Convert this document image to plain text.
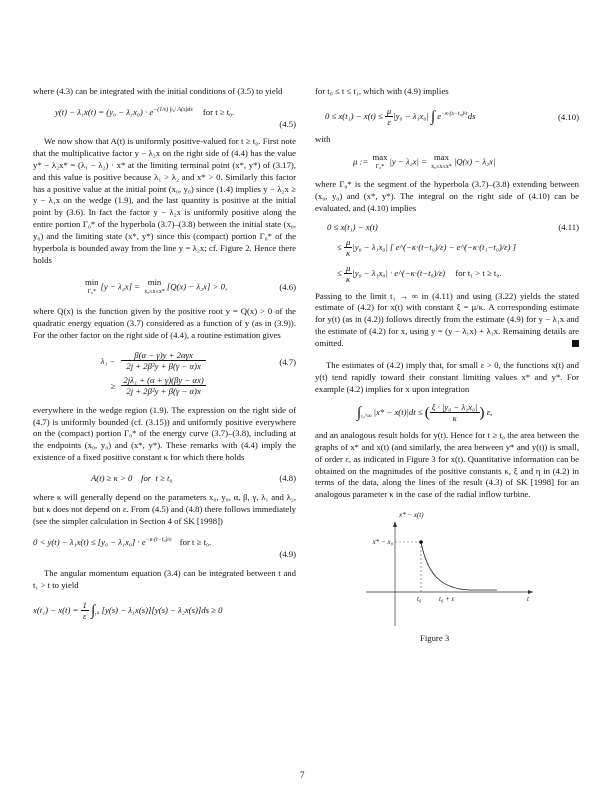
where (4.3) can be integrated with the initial conditions of (3.5) to yield

$y(t) - \lambda_1x(t) = (y_0 - \lambda_1x_0) \cdot e^{-(1/\varepsilon) \int_{t0}ᵗ A(s)ds}$ for t ≥ t₀.
(4.5)

We now show that A(t) is uniformly positive-valued for t ≥ t₀. First note that the multiplicative factor y − λ₂x on the right side of (4.4) has the value y* − λ₂x* = (λ₁ − λ₂) · x* at the limiting terminal point (x*, y*) of (3.17), and this value is positive because λ₁ > λ₂ and x* > 0. Similarly this factor has a positive value at the initial point (x₀, y₀) since (1.4) implies y − λ₂x ≥ y − λ₁x on the wedge (1.9), and the last quantity is positive at the initial point by (3.6). In fact the factor y − λ₂x is uniformly positive along the entire portion Γ₀* of the hyperbola (3.7)–(3.8) between the initial state (x₀, y₀) and the limiting state (x*, y*) since this (compact) portion Γ₀* of the hyperbola is bounded away from the line y = λ₂x; cf. Figure 2. Hence there holds

min
Γ₀*
[y − λ₂x] = min
x₀≤x≤x*
[Q(x) − λ₂x] > 0,	(4.6)

where Q(x) is the function given by the positive root y = Q(x) > 0 of the quadratic energy equation (3.7) considered as a function of y (as in (3.9)). For the other factor on the right side of (4.4), a routine estimation gives

$\lambda_1 - \frac{\text{β(α − γ)y + 2αγx}}{\text{2j + 2β²y + β(γ − α)x}}$
≥ $\frac{\text{2jλ₁ + (α + γ)(βy − αx)}}{\text{2j + 2β²y + β(γ − α)x}}$
(4.7)

everywhere in the wedge region (1.9). The expression on the right side of (4.7) is uniformly bounded (cf. (3.15)) and uniformly positive everywhere on the (compact) portion Γ₀* of the energy curve (3.7)–(3.8), including at the endpoints (x₀, y₀) and (x*, y*). These remarks with (4.4) imply the existence of a fixed positive constant κ for which there holds

A(t) ≥ κ > 0    for  t ≥ t₀	(4.8)

where κ will generally depend on the parameters x₀, y₀, α, β, γ, λ₁ and λ₂, but κ does not depend on ε. From (4.5) and (4.8) there follows immediately (see the simpler calculation in Section 4 of SK [1998])

$0 < y(t) - \lambda_1x(t) \le [y_0 - \lambda_1x_0] \cdot e^{-\kappa\cdot(t-t_0)/\varepsilon}$ for t ≥ t₀.
(4.9)

The angular momentum equation (3.4) can be integrated between t and t₁ > t to yield

$x(t_1) - x(t) = \frac{1}{\varepsilon} \int_{_tᵗ^1}$ [y(s) − λ₁x(s)][y(s) − λ₂x(s)]ds ≥ 0

for t₀ ≤ t ≤ t₁, which with (4.9) implies

$0 \le x(t_1) - x(t) \le \frac{\mu}{\varepsilon} |y_0 - \lambda_1x_0|$ ∫ $e^{-\kappa\cdot(s-t_0)/\varepsilon}ds$	(4.10)

with

μ := max
Γ₀*
|y − λ₂x| = max
x₀≤x≤x*
|Q(x) − λ₂x|

where Γ₀* is the segment of the hyperbola (3.7)–(3.8) extending between (x₀, y₀) and (x*, y*). The integral on the right side of (4.10) can be evaluated, and (4.10) implies

0 ≤ x(t₁) − x(t)	(4.11)
≤ $\frac{\mu}{\kappa} |y_0 - \lambda_1x_0|$ [ e^(−κ·(t−t₀)/ε) − e^(−κ·(t₁−t₀)/ε) ]
≤ $\frac{\mu}{\kappa} |y_0 - \lambda_1x_0|$ · e^(−κ·(t−t₀)/ε) for t₁ > t ≥ t₀.

Passing to the limit t₁ → ∞ in (4.11) and using (3.22) yields the stated estimate of (4.2) for x(t) with constant ξ = μ/κ. A corresponding estimate for y(t) (as in (4.2)) follows directly from the estimate (4.9) for y − λ₁x and the estimate of (4.2) for x, using y = (y − λ₁x) + λ₁x. Remaining details are omitted.

The estimates of (4.2) imply that, for small ε > 0, the functions x(t) and y(t) tend rapidly toward their constant limiting values x* and y*. For example (4.2) implies for x upon integration

$\int_{_{t0}\^{}\infty}$ |x* − x(t)|dt ≤ ( $\frac{\text{ξ · |y₀ − λ₁x₀|}}{\kappa}$ ) ε,

and an analogous result holds for y(t). Hence for t ≥ t₀ the area between the graphs of x* and x(t) (and similarly, the area between y* and y(t)) is small, of order ε, as indicated in Figure 3 for x(t). Quantitative information can be obtained on the magnitudes of the positive constants κ, ξ and η in (4.2) in terms of the data, along the lines of the result (4.3) of SK [1998] for an analogous parameter κ in the case of the radial inflow turbine.

x* − x(t)
x* − x₀
t₀	t₀ + ε	t
Figure 3
7
